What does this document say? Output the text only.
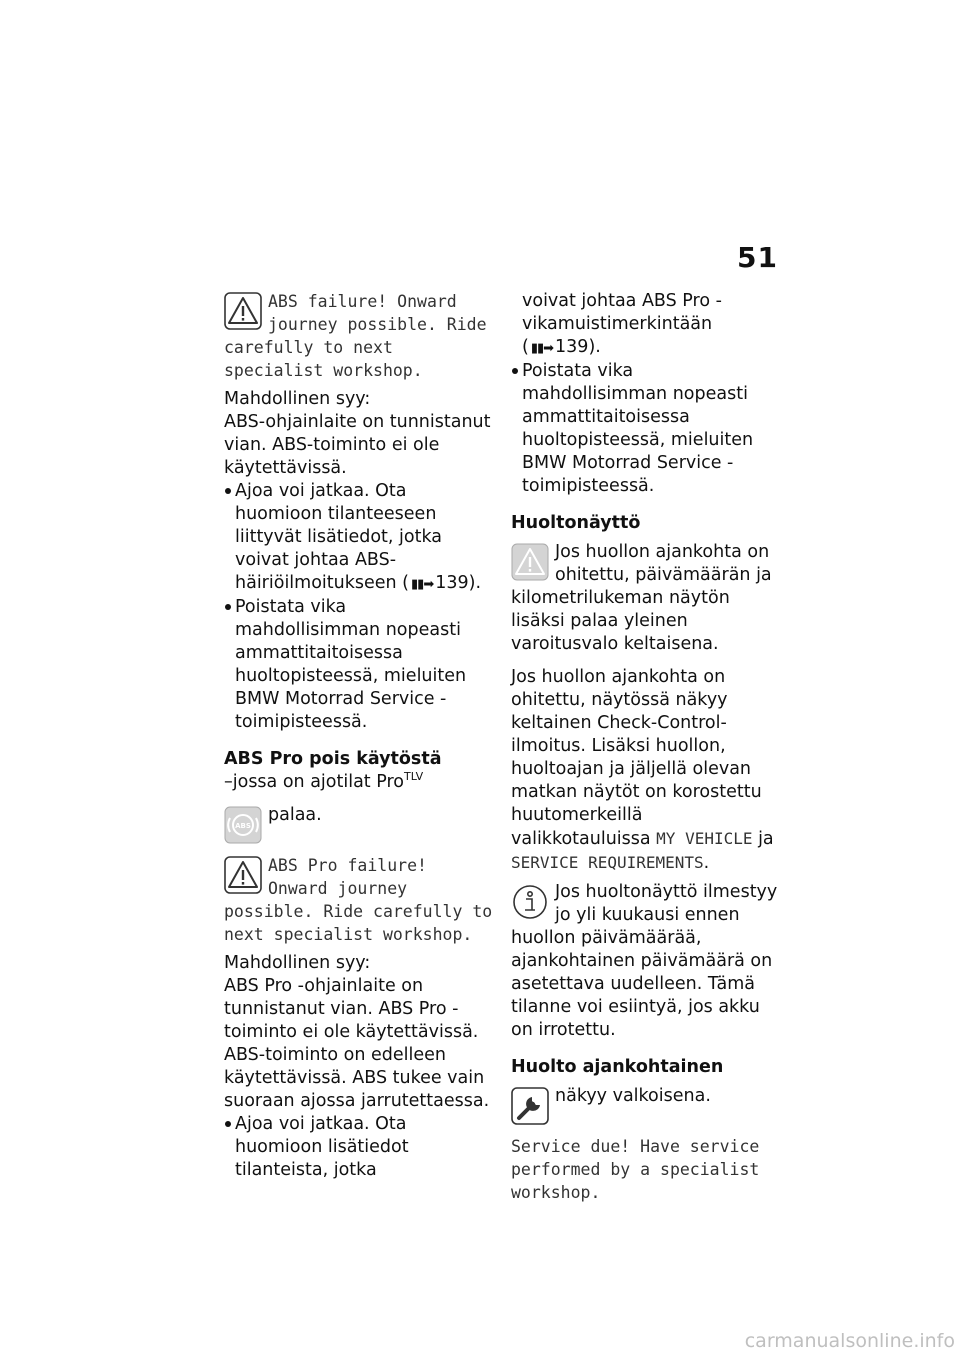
51

ABS failure! Onward journey possible. Ride carefully to next specialist workshop.

Mahdollinen syy:

ABS-ohjainlaite on tunnistanut vian. ABS-toiminto ei ole käytettävissä.

Ajoa voi jatkaa. Ota huomioon tilanteeseen liittyvät lisätiedot, jotka voivat johtaa ABS-häiriöilmoitukseen ( ▮▮➡ 139).
Poistata vika mahdollisimman nopeasti ammattitaitoisessa huoltopisteessä, mieluiten BMW Motorrad Service -toimipisteessä.

ABS Pro pois käytöstä

–jossa on ajotilat Pro$^{TLV}$

ABS

palaa.

ABS Pro failure! Onward journey possible. Ride carefully to next specialist workshop.

Mahdollinen syy:

ABS Pro -ohjainlaite on tunnistanut vian. ABS Pro -toiminto ei ole käytettävissä. ABS-toiminto on edelleen käytettävissä. ABS tukee vain suoraan ajossa jarrutettaessa.

Ajoa voi jatkaa. Ota huomioon lisätiedot tilanteista, jotka

voivat johtaa ABS Pro -vikamuistimerkintään ( ▮▮➡ 139).

Poistata vika mahdollisimman nopeasti ammattitaitoisessa huoltopisteessä, mieluiten BMW Motorrad Service -toimipisteessä.

Huoltonäyttö

Jos huollon ajankohta on ohitettu, päivämäärän ja kilometrilukeman näytön lisäksi palaa yleinen varoitusvalo keltaisena.

Jos huollon ajankohta on ohitettu, näytössä näkyy keltainen Check-Control-ilmoitus. Lisäksi huollon, huoltoajan ja jäljellä olevan matkan näytöt on korostettu huutomerkeillä valikkotauluissa MY VEHICLE ja SERVICE REQUIREMENTS.

Jos huoltonäyttö ilmestyy jo yli kuukausi ennen huollon päivämäärää, ajankohtainen päivämäärä on asetettava uudelleen. Tämä tilanne voi esiintyä, jos akku on irrotettu.

Huolto ajankohtainen

näkyy valkoisena.

Service due! Have service performed by a specialist workshop.

carmanualsonline.info
